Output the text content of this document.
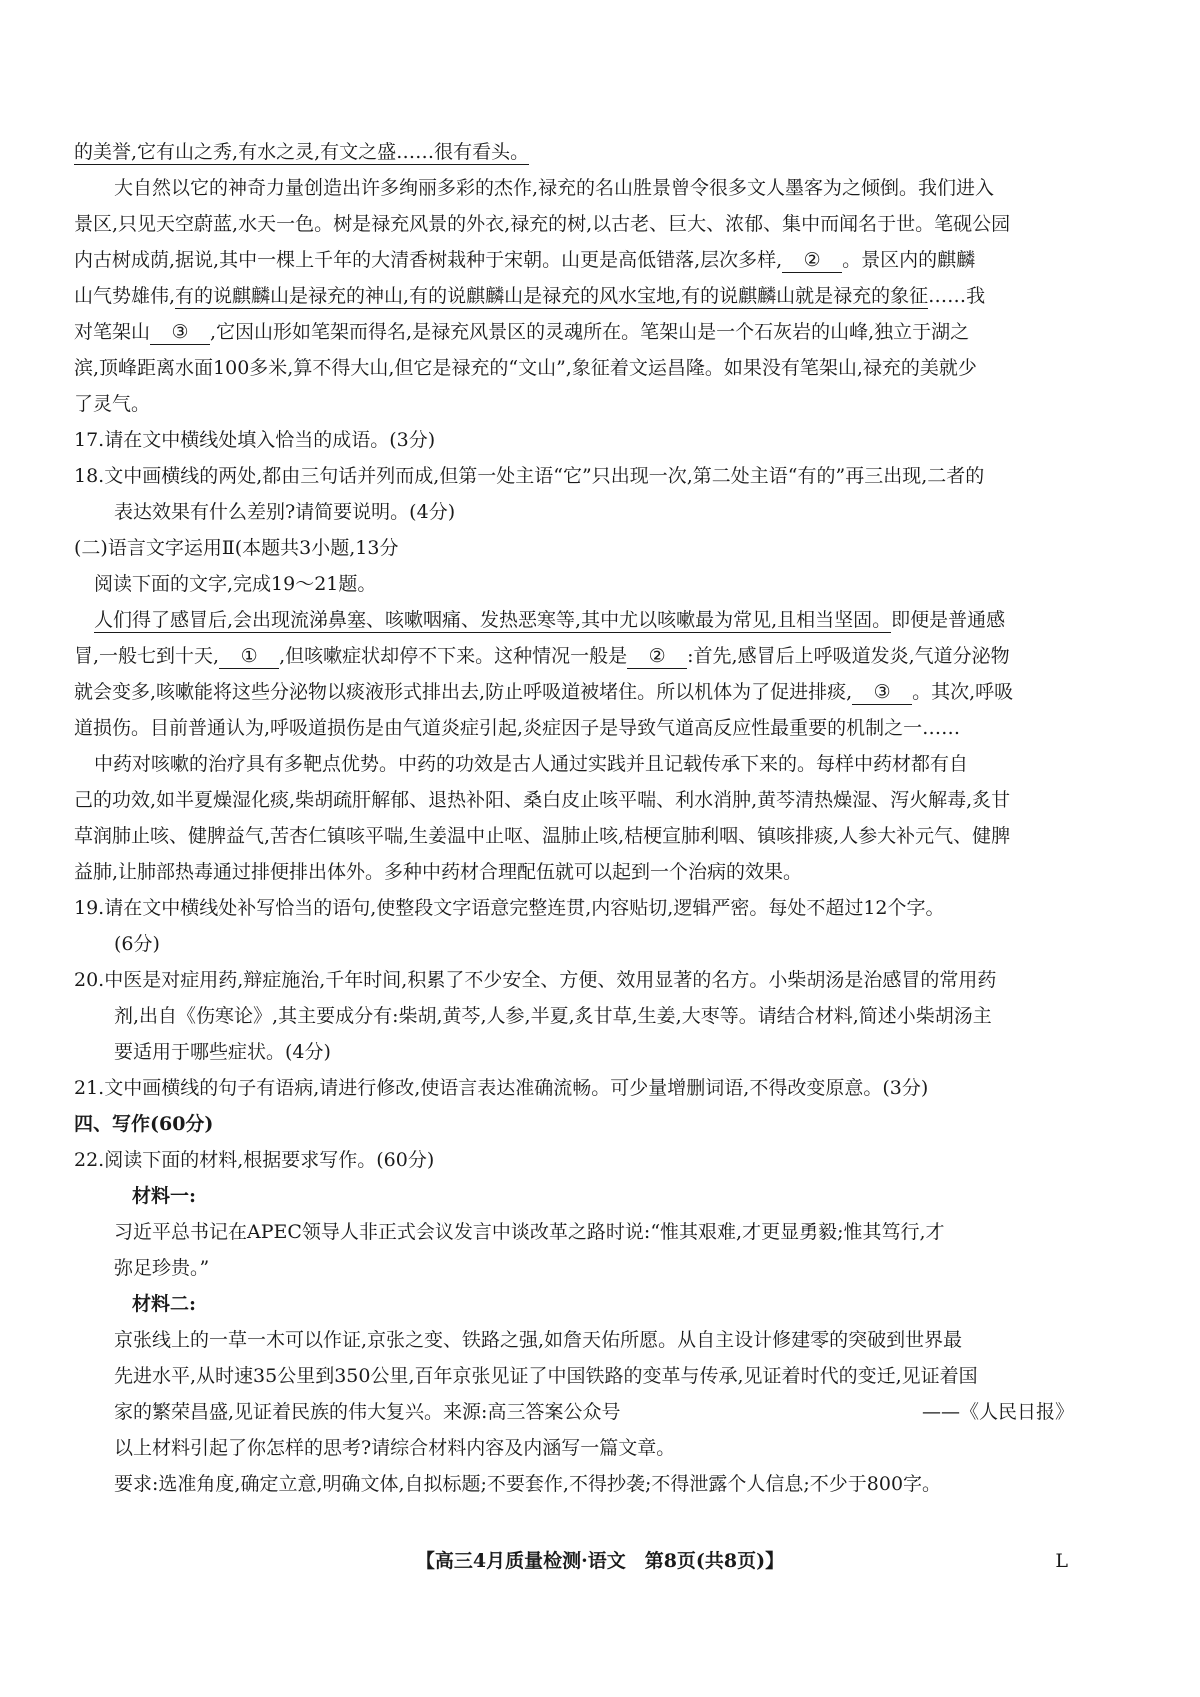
的美誉,它有山之秀,有水之灵,有文之盛……很有看头。
大自然以它的神奇力量创造出许多绚丽多彩的杰作,禄充的名山胜景曾令很多文人墨客为之倾倒。我们进入
景区,只见天空蔚蓝,水天一色。树是禄充风景的外衣,禄充的树,以古老、巨大、浓郁、集中而闻名于世。笔砚公园
内古树成荫,据说,其中一棵上千年的大清香树栽种于宋朝。山更是高低错落,层次多样, ② 。景区内的麒麟
山气势雄伟,有的说麒麟山是禄充的神山,有的说麒麟山是禄充的风水宝地,有的说麒麟山就是禄充的象征……我
对笔架山 ③ ,它因山形如笔架而得名,是禄充风景区的灵魂所在。笔架山是一个石灰岩的山峰,独立于湖之
滨,顶峰距离水面100多米,算不得大山,但它是禄充的“文山”,象征着文运昌隆。如果没有笔架山,禄充的美就少
了灵气。
17.请在文中横线处填入恰当的成语。(3分)
18.文中画横线的两处,都由三句话并列而成,但第一处主语“它”只出现一次,第二处主语“有的”再三出现,二者的
表达效果有什么差别?请简要说明。(4分)
(二)语言文字运用Ⅱ(本题共3小题,13分
阅读下面的文字,完成19～21题。
人们得了感冒后,会出现流涕鼻塞、咳嗽咽痛、发热恶寒等,其中尤以咳嗽最为常见,且相当坚固。即便是普通感
冒,一般七到十天, ① ,但咳嗽症状却停不下来。这种情况一般是 ② :首先,感冒后上呼吸道发炎,气道分泌物
就会变多,咳嗽能将这些分泌物以痰液形式排出去,防止呼吸道被堵住。所以机体为了促进排痰, ③ 。其次,呼吸
道损伤。目前普通认为,呼吸道损伤是由气道炎症引起,炎症因子是导致气道高反应性最重要的机制之一……
中药对咳嗽的治疗具有多靶点优势。中药的功效是古人通过实践并且记载传承下来的。每样中药材都有自
己的功效,如半夏燥湿化痰,柴胡疏肝解郁、退热补阳、桑白皮止咳平喘、利水消肿,黄芩清热燥湿、泻火解毒,炙甘
草润肺止咳、健脾益气,苦杏仁镇咳平喘,生姜温中止呕、温肺止咳,桔梗宣肺利咽、镇咳排痰,人参大补元气、健脾
益肺,让肺部热毒通过排便排出体外。多种中药材合理配伍就可以起到一个治病的效果。
19.请在文中横线处补写恰当的语句,使整段文字语意完整连贯,内容贴切,逻辑严密。每处不超过12个字。
(6分)
20.中医是对症用药,辩症施治,千年时间,积累了不少安全、方便、效用显著的名方。小柴胡汤是治感冒的常用药
剂,出自《伤寒论》,其主要成分有:柴胡,黄芩,人参,半夏,炙甘草,生姜,大枣等。请结合材料,简述小柴胡汤主
要适用于哪些症状。(4分)
21.文中画横线的句子有语病,请进行修改,使语言表达准确流畅。可少量增删词语,不得改变原意。(3分)
四、写作(60分)
22.阅读下面的材料,根据要求写作。(60分)
材料一:
习近平总书记在APEC领导人非正式会议发言中谈改革之路时说:“惟其艰难,才更显勇毅;惟其笃行,才
弥足珍贵。”
材料二:
京张线上的一草一木可以作证,京张之变、铁路之强,如詹天佑所愿。从自主设计修建零的突破到世界最
先进水平,从时速35公里到350公里,百年京张见证了中国铁路的变革与传承,见证着时代的变迁,见证着国
家的繁荣昌盛,见证着民族的伟大复兴。来源:高三答案公众号	——《人民日报》
以上材料引起了你怎样的思考?请综合材料内容及内涵写一篇文章。
要求:选准角度,确定立意,明确文体,自拟标题;不要套作,不得抄袭;不得泄露个人信息;不少于800字。
【高三4月质量检测·语文　第8页(共8页)】	L
